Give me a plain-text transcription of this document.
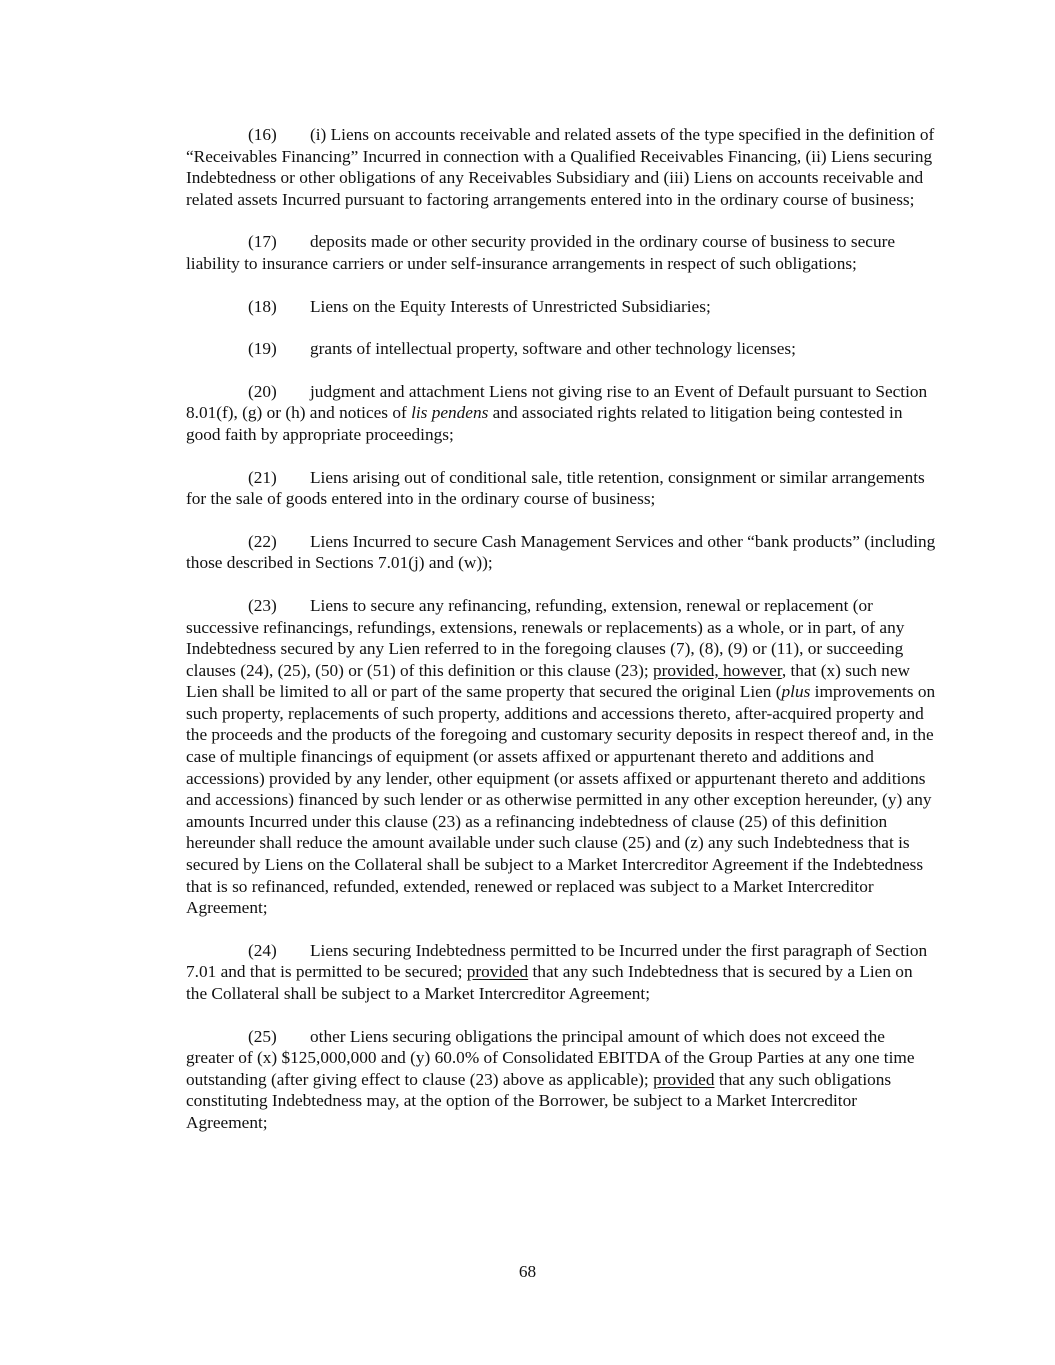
(16) (i) Liens on accounts receivable and related assets of the type specified in the definition of “Receivables Financing” Incurred in connection with a Qualified Receivables Financing, (ii) Liens securing Indebtedness or other obligations of any Receivables Subsidiary and (iii) Liens on accounts receivable and related assets Incurred pursuant to factoring arrangements entered into in the ordinary course of business;

(17) deposits made or other security provided in the ordinary course of business to secure liability to insurance carriers or under self-insurance arrangements in respect of such obligations;

(18) Liens on the Equity Interests of Unrestricted Subsidiaries;

(19) grants of intellectual property, software and other technology licenses;

(20) judgment and attachment Liens not giving rise to an Event of Default pursuant to Section 8.01(f), (g) or (h) and notices of lis pendens and associated rights related to litigation being contested in good faith by appropriate proceedings;

(21) Liens arising out of conditional sale, title retention, consignment or similar arrangements for the sale of goods entered into in the ordinary course of business;

(22) Liens Incurred to secure Cash Management Services and other “bank products” (including those described in Sections 7.01(j) and (w));

(23) Liens to secure any refinancing, refunding, extension, renewal or replacement (or successive refinancings, refundings, extensions, renewals or replacements) as a whole, or in part, of any Indebtedness secured by any Lien referred to in the foregoing clauses (7), (8), (9) or (11), or succeeding clauses (24), (25), (50) or (51) of this definition or this clause (23); provided, however, that (x) such new Lien shall be limited to all or part of the same property that secured the original Lien (plus improvements on such property, replacements of such property, additions and accessions thereto, after-acquired property and the proceeds and the products of the foregoing and customary security deposits in respect thereof and, in the case of multiple financings of equipment (or assets affixed or appurtenant thereto and additions and accessions) provided by any lender, other equipment (or assets affixed or appurtenant thereto and additions and accessions) financed by such lender or as otherwise permitted in any other exception hereunder, (y) any amounts Incurred under this clause (23) as a refinancing indebtedness of clause (25) of this definition hereunder shall reduce the amount available under such clause (25) and (z) any such Indebtedness that is secured by Liens on the Collateral shall be subject to a Market Intercreditor Agreement if the Indebtedness that is so refinanced, refunded, extended, renewed or replaced was subject to a Market Intercreditor Agreement;

(24) Liens securing Indebtedness permitted to be Incurred under the first paragraph of Section 7.01 and that is permitted to be secured; provided that any such Indebtedness that is secured by a Lien on the Collateral shall be subject to a Market Intercreditor Agreement;

(25) other Liens securing obligations the principal amount of which does not exceed the greater of (x) $125,000,000 and (y) 60.0% of Consolidated EBITDA of the Group Parties at any one time outstanding (after giving effect to clause (23) above as applicable); provided that any such obligations constituting Indebtedness may, at the option of the Borrower, be subject to a Market Intercreditor Agreement;

68
